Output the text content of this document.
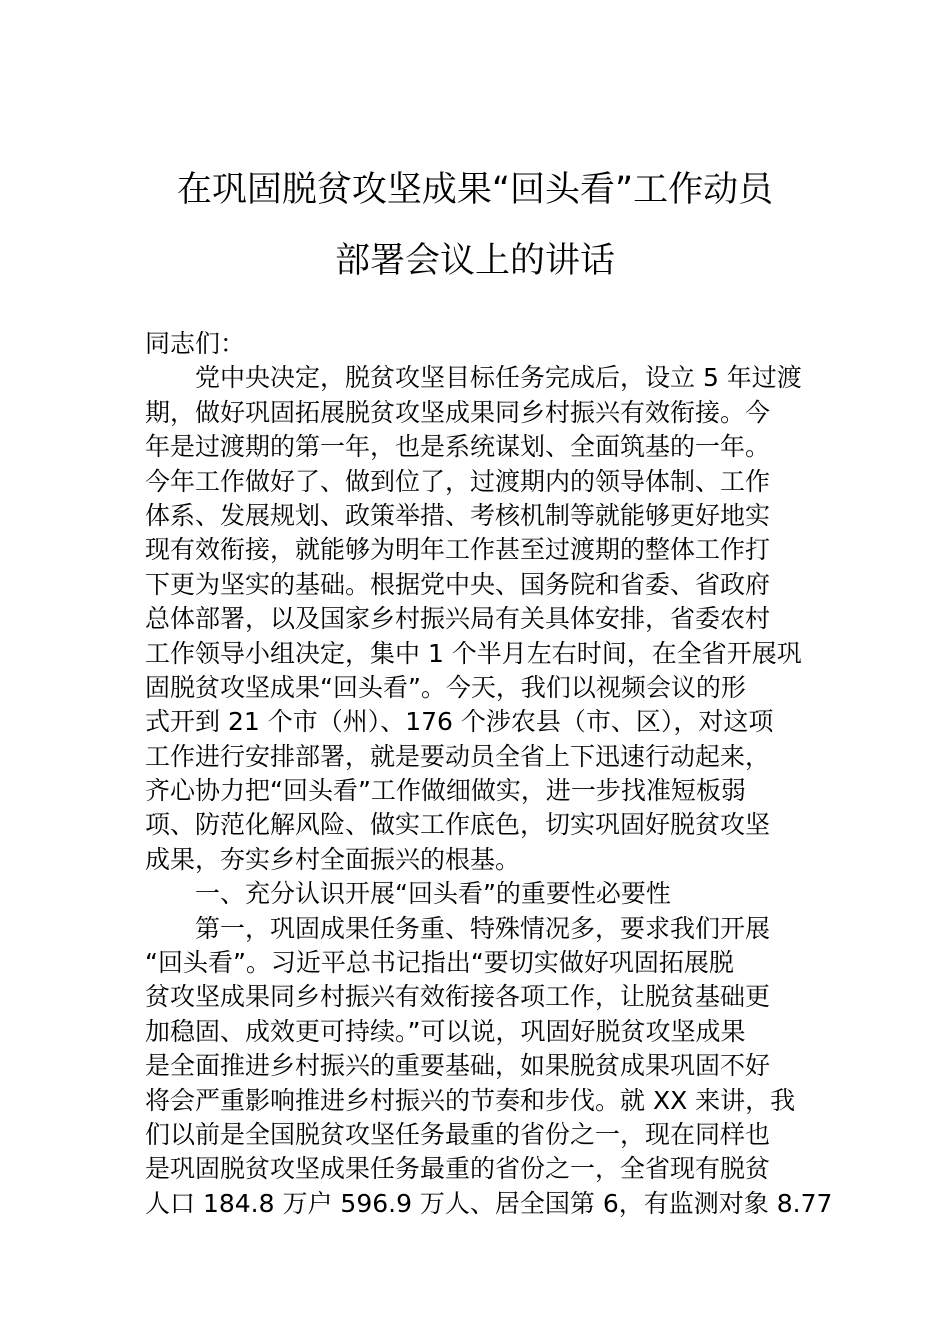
在巩固脱贫攻坚成果“回头看”工作动员
部署会议上的讲话
同志们：
党中央决定，脱贫攻坚目标任务完成后，设立 5 年过渡
期，做好巩固拓展脱贫攻坚成果同乡村振兴有效衔接。今
年是过渡期的第一年，也是系统谋划、全面筑基的一年。
今年工作做好了、做到位了，过渡期内的领导体制、工作
体系、发展规划、政策举措、考核机制等就能够更好地实
现有效衔接，就能够为明年工作甚至过渡期的整体工作打
下更为坚实的基础。根据党中央、国务院和省委、省政府
总体部署，以及国家乡村振兴局有关具体安排，省委农村
工作领导小组决定，集中 1 个半月左右时间，在全省开展巩
固脱贫攻坚成果“回头看”。今天，我们以视频会议的形
式开到 21 个市（州）、176 个涉农县（市、区），对这项
工作进行安排部署，就是要动员全省上下迅速行动起来，
齐心协力把“回头看”工作做细做实，进一步找准短板弱
项、防范化解风险、做实工作底色，切实巩固好脱贫攻坚
成果，夯实乡村全面振兴的根基。
一、充分认识开展“回头看”的重要性必要性
第一，巩固成果任务重、特殊情况多，要求我们开展
“回头看”。习近平总书记指出“要切实做好巩固拓展脱
贫攻坚成果同乡村振兴有效衔接各项工作，让脱贫基础更
加稳固、成效更可持续。”可以说，巩固好脱贫攻坚成果
是全面推进乡村振兴的重要基础，如果脱贫成果巩固不好
将会严重影响推进乡村振兴的节奏和步伐。就 XX 来讲，我
们以前是全国脱贫攻坚任务最重的省份之一，现在同样也
是巩固脱贫攻坚成果任务最重的省份之一，全省现有脱贫
人口 184.8 万户 596.9 万人、居全国第 6，有监测对象 8.77
